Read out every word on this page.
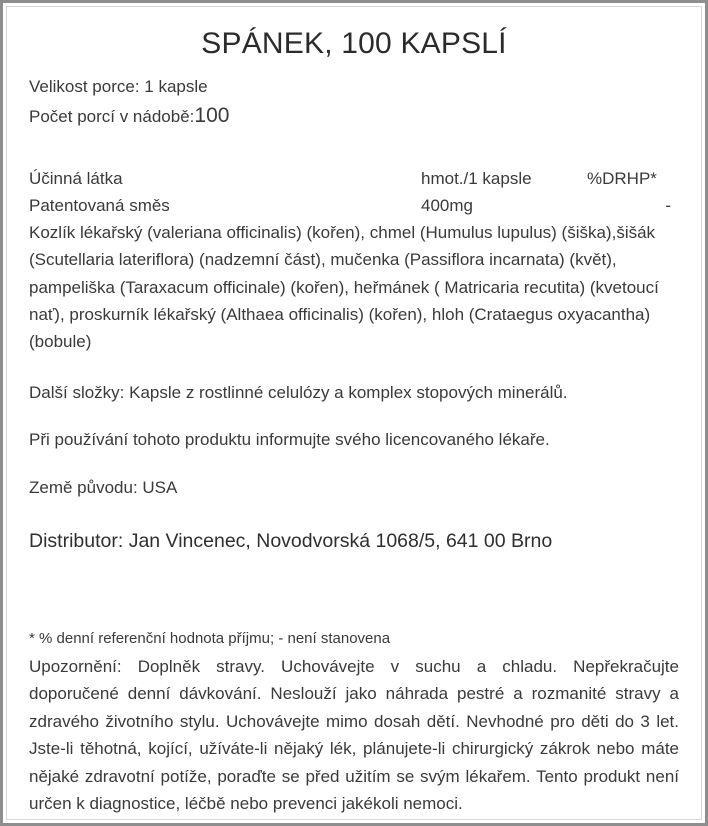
SPÁNEK, 100 KAPSLÍ
Velikost porce: 1 kapsle
Počet porcí v nádobě:100
Účinná látka	hmot./1 kapsle	%DRHP*
Patentovaná směs	400mg	-
Kozlík lékařský (valeriana officinalis) (kořen), chmel (Humulus lupulus) (šiška),šišák (Scutellaria lateriflora) (nadzemní část), mučenka (Passiflora incarnata) (květ), pampeliška (Taraxacum officinale) (kořen), heřmánek ( Matricaria recutita) (kvetoucí nať), proskurník lékařský (Althaea officinalis) (kořen), hloh (Crataegus oxyacantha) (bobule)
Další složky: Kapsle z rostlinné celulózy a komplex stopových minerálů.
Při používání tohoto produktu informujte svého licencovaného lékaře.
Země původu: USA
Distributor: Jan Vincenec, Novodvorská 1068/5, 641 00 Brno
* % denní referenční hodnota příjmu; - není stanovena
Upozornění: Doplněk stravy. Uchovávejte v suchu a chladu. Nepřekračujte doporučené denní dávkování. Neslouží jako náhrada pestré a rozmanité stravy a zdravého životního stylu. Uchovávejte mimo dosah dětí. Nevhodné pro děti do 3 let. Jste-li těhotná, kojící, užíváte-li nějaký lék, plánujete-li chirurgický zákrok nebo máte nějaké zdravotní potíže, poraďte se před užitím se svým lékařem. Tento produkt není určen k diagnostice, léčbě nebo prevenci jakékoli nemoci.
